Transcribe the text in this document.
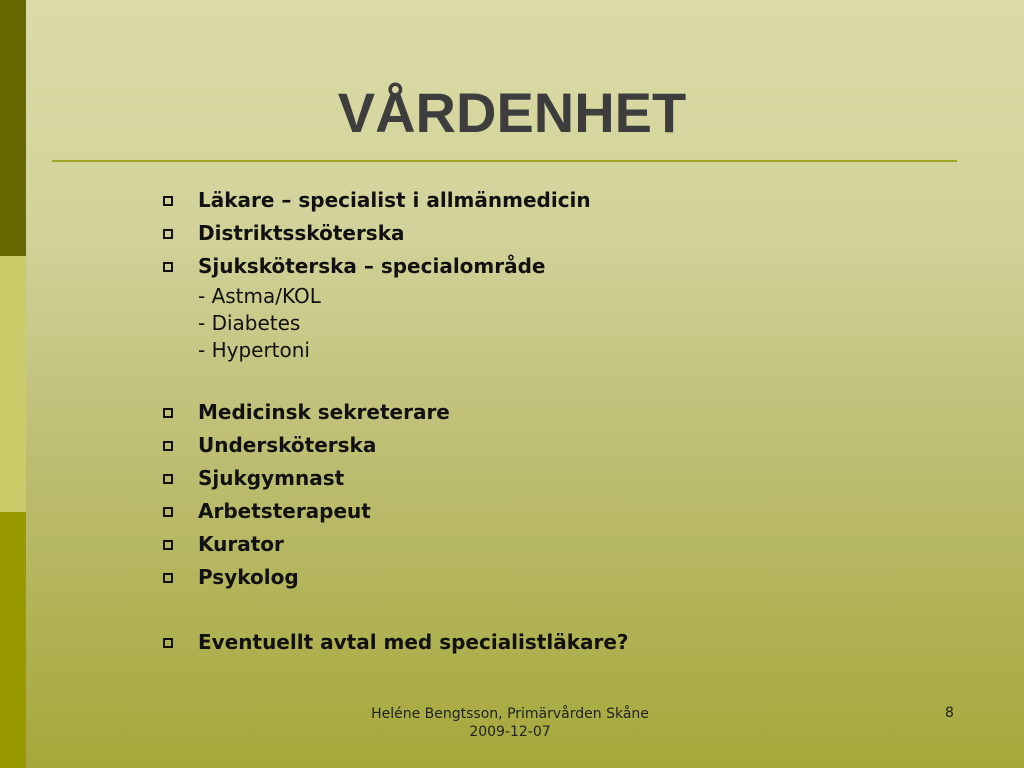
VÅRDENHET
Läkare – specialist i allmänmedicin
Distriktssköterska
Sjuksköterska – specialområde
- Astma/KOL
- Diabetes
- Hypertoni
Medicinsk sekreterare
Undersköterska
Sjukgymnast
Arbetsterapeut
Kurator
Psykolog
Eventuellt avtal med specialistläkare?
Heléne Bengtsson, Primärvården Skåne
2009-12-07
8
